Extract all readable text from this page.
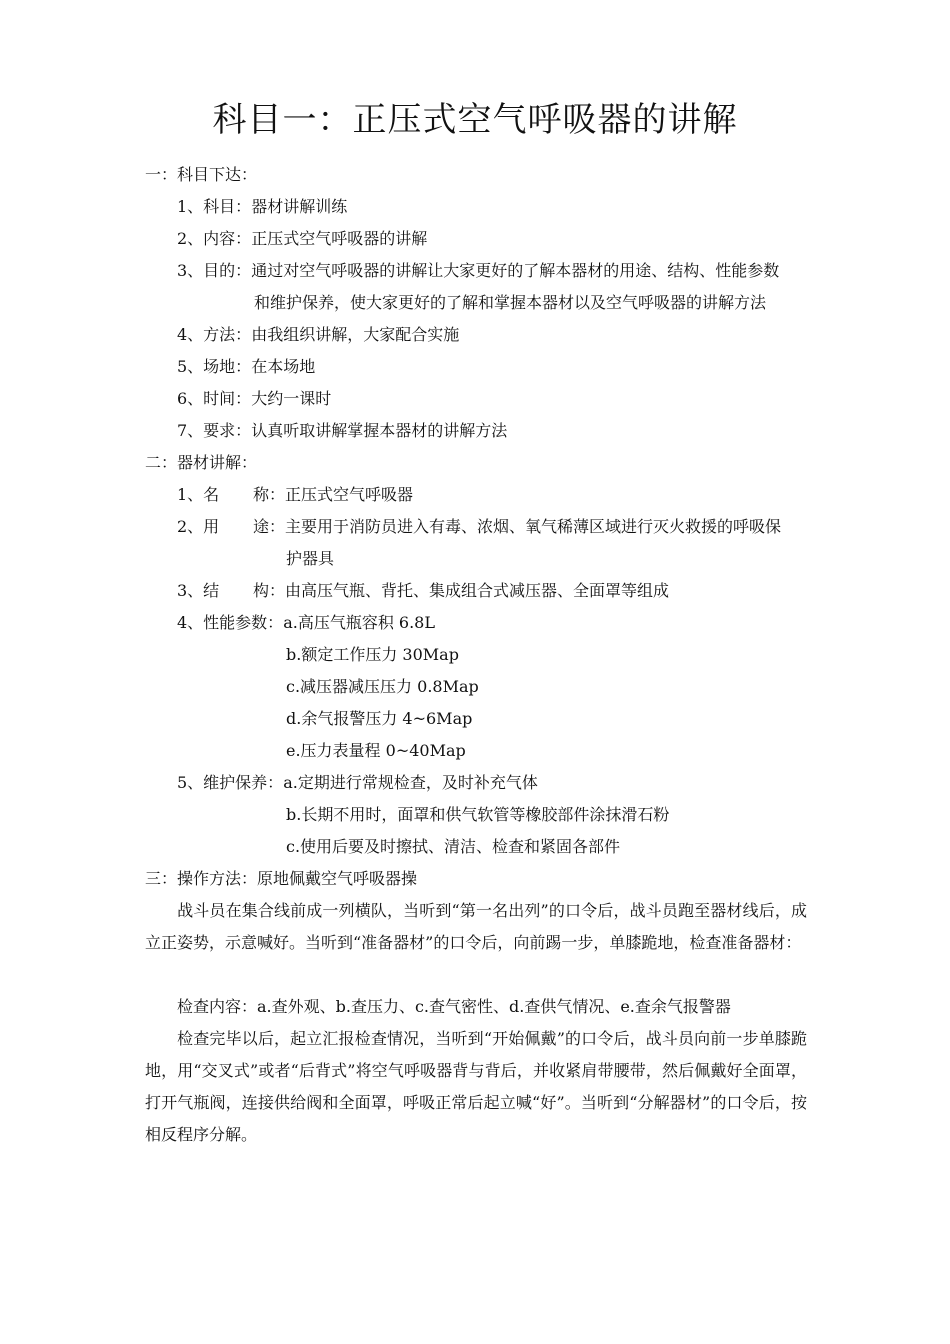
科目一：正压式空气呼吸器的讲解
一：科目下达：
1、科目：器材讲解训练
2、内容：正压式空气呼吸器的讲解
3、目的：通过对空气呼吸器的讲解让大家更好的了解本器材的用途、结构、性能参数
和维护保养，使大家更好的了解和掌握本器材以及空气呼吸器的讲解方法
4、方法：由我组织讲解，大家配合实施
5、场地：在本场地
6、时间：大约一课时
7、要求：认真听取讲解掌握本器材的讲解方法
二：器材讲解：
1、名 称：正压式空气呼吸器
2、用 途：主要用于消防员进入有毒、浓烟、氧气稀薄区域进行灭火救援的呼吸保
护器具
3、结 构：由高压气瓶、背托、集成组合式减压器、全面罩等组成
4、性能参数：a.高压气瓶容积 6.8L
b.额定工作压力 30Map
c.减压器减压压力 0.8Map
d.余气报警压力 4~6Map
e.压力表量程 0~40Map
5、维护保养：a.定期进行常规检查，及时补充气体
b.长期不用时，面罩和供气软管等橡胶部件涂抹滑石粉
c.使用后要及时擦拭、清洁、检查和紧固各部件
三：操作方法：原地佩戴空气呼吸器操
战斗员在集合线前成一列横队，当听到“第一名出列”的口令后，战斗员跑至器材线后，成立正姿势，示意喊好。当听到“准备器材”的口令后，向前踢一步，单膝跪地，检查准备器材：
检查内容：a.查外观、b.查压力、c.查气密性、d.查供气情况、e.查余气报警器
检查完毕以后，起立汇报检查情况，当听到“开始佩戴”的口令后，战斗员向前一步单膝跪地，用“交叉式”或者“后背式”将空气呼吸器背与背后，并收紧肩带腰带，然后佩戴好全面罩，打开气瓶阀，连接供给阀和全面罩，呼吸正常后起立喊“好”。当听到“分解器材”的口令后，按相反程序分解。
